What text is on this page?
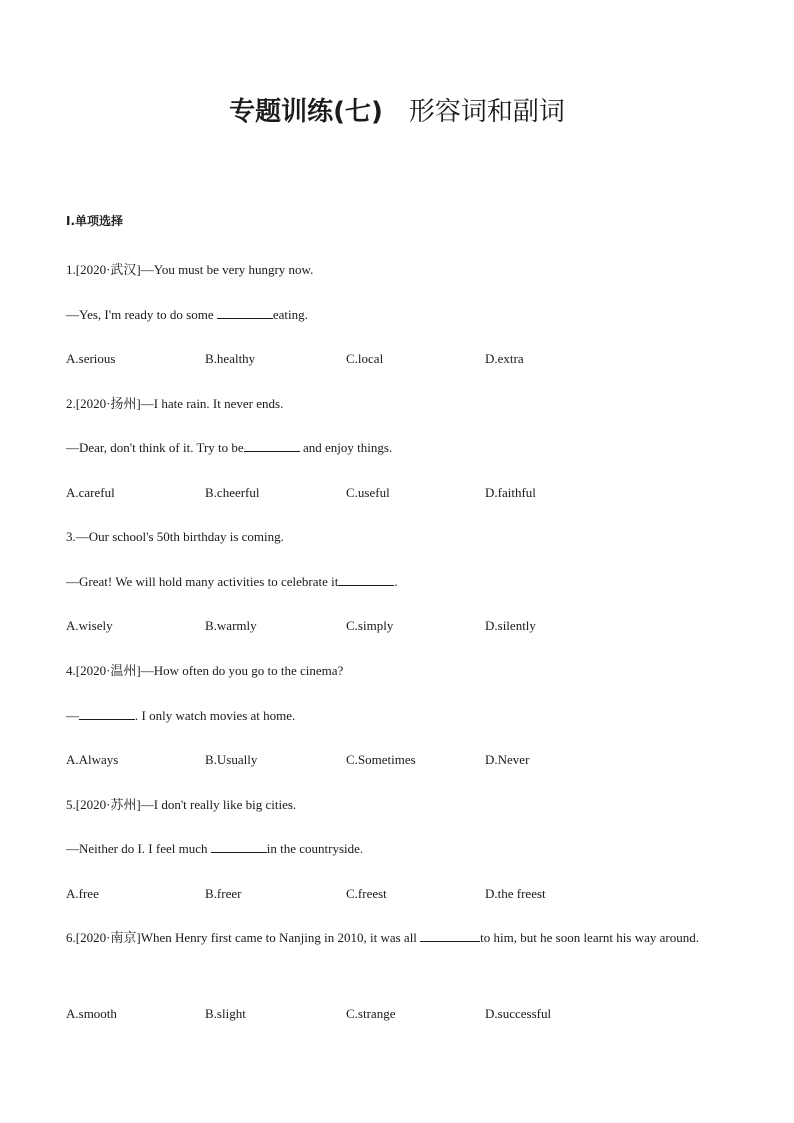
专题训练(七) 形容词和副词
Ⅰ.单项选择
1.[2020·武汉]—You must be very hungry now.
—Yes, I'm ready to do some	eating.
A.serious	B.healthy	C.local	D.extra
2.[2020·扬州]—I hate rain. It never ends.
—Dear, don't think of it. Try to be	and enjoy things.
A.careful	B.cheerful	C.useful	D.faithful
3.—Our school's 50th birthday is coming.
—Great! We will hold many activities to celebrate it	.
A.wisely	B.warmly	C.simply	D.silently
4.[2020·温州]—How often do you go to the cinema?
—	. I only watch movies at home.
A.Always	B.Usually	C.Sometimes	D.Never
5.[2020·苏州]—I don't really like big cities.
—Neither do I. I feel much	in the countryside.
A.free	B.freer	C.freest	D.the freest
6.[2020·南京]When Henry first came to Nanjing in 2010, it was all	to him, but he soon learnt his way around.
A.smooth	B.slight	C.strange	D.successful
